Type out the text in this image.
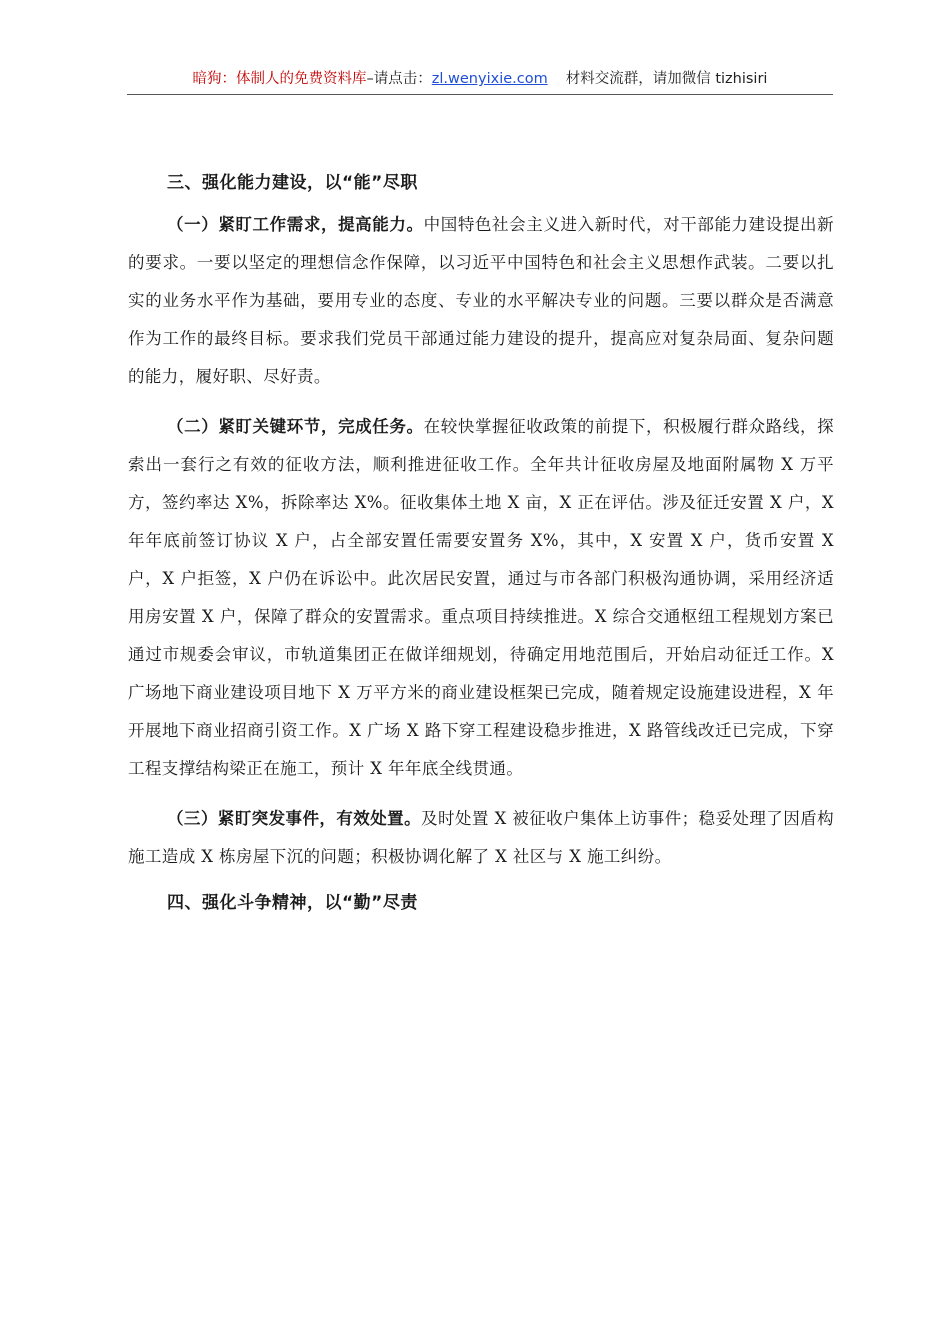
暗狗：体制人的免费资料库–请点击：zl.wenyixie.com 材料交流群，请加微信 tizhisiri
三、强化能力建设，以“能”尽职

（一）紧盯工作需求，提高能力。中国特色社会主义进入新时代，对干部能力建设提出新的要求。一要以坚定的理想信念作保障，以习近平中国特色和社会主义思想作武装。二要以扎实的业务水平作为基础，要用专业的态度、专业的水平解决专业的问题。三要以群众是否满意作为工作的最终目标。要求我们党员干部通过能力建设的提升，提高应对复杂局面、复杂问题的能力，履好职、尽好责。

（二）紧盯关键环节，完成任务。在较快掌握征收政策的前提下，积极履行群众路线，探索出一套行之有效的征收方法，顺利推进征收工作。全年共计征收房屋及地面附属物 X 万平方，签约率达 X%，拆除率达 X%。征收集体土地 X 亩，X 正在评估。涉及征迁安置 X 户，X 年年底前签订协议 X 户，占全部安置任需要安置务 X%，其中，X 安置 X 户，货币安置 X 户，X 户拒签，X 户仍在诉讼中。此次居民安置，通过与市各部门积极沟通协调，采用经济适用房安置 X 户，保障了群众的安置需求。重点项目持续推进。X 综合交通枢纽工程规划方案已通过市规委会审议，市轨道集团正在做详细规划，待确定用地范围后，开始启动征迁工作。X 广场地下商业建设项目地下 X 万平方米的商业建设框架已完成，随着规定设施建设进程，X 年开展地下商业招商引资工作。X 广场 X 路下穿工程建设稳步推进，X 路管线改迁已完成，下穿工程支撑结构梁正在施工，预计 X 年年底全线贯通。

（三）紧盯突发事件，有效处置。及时处置 X 被征收户集体上访事件；稳妥处理了因盾构施工造成 X 栋房屋下沉的问题；积极协调化解了 X 社区与 X 施工纠纷。

四、强化斗争精神，以“勤”尽责
